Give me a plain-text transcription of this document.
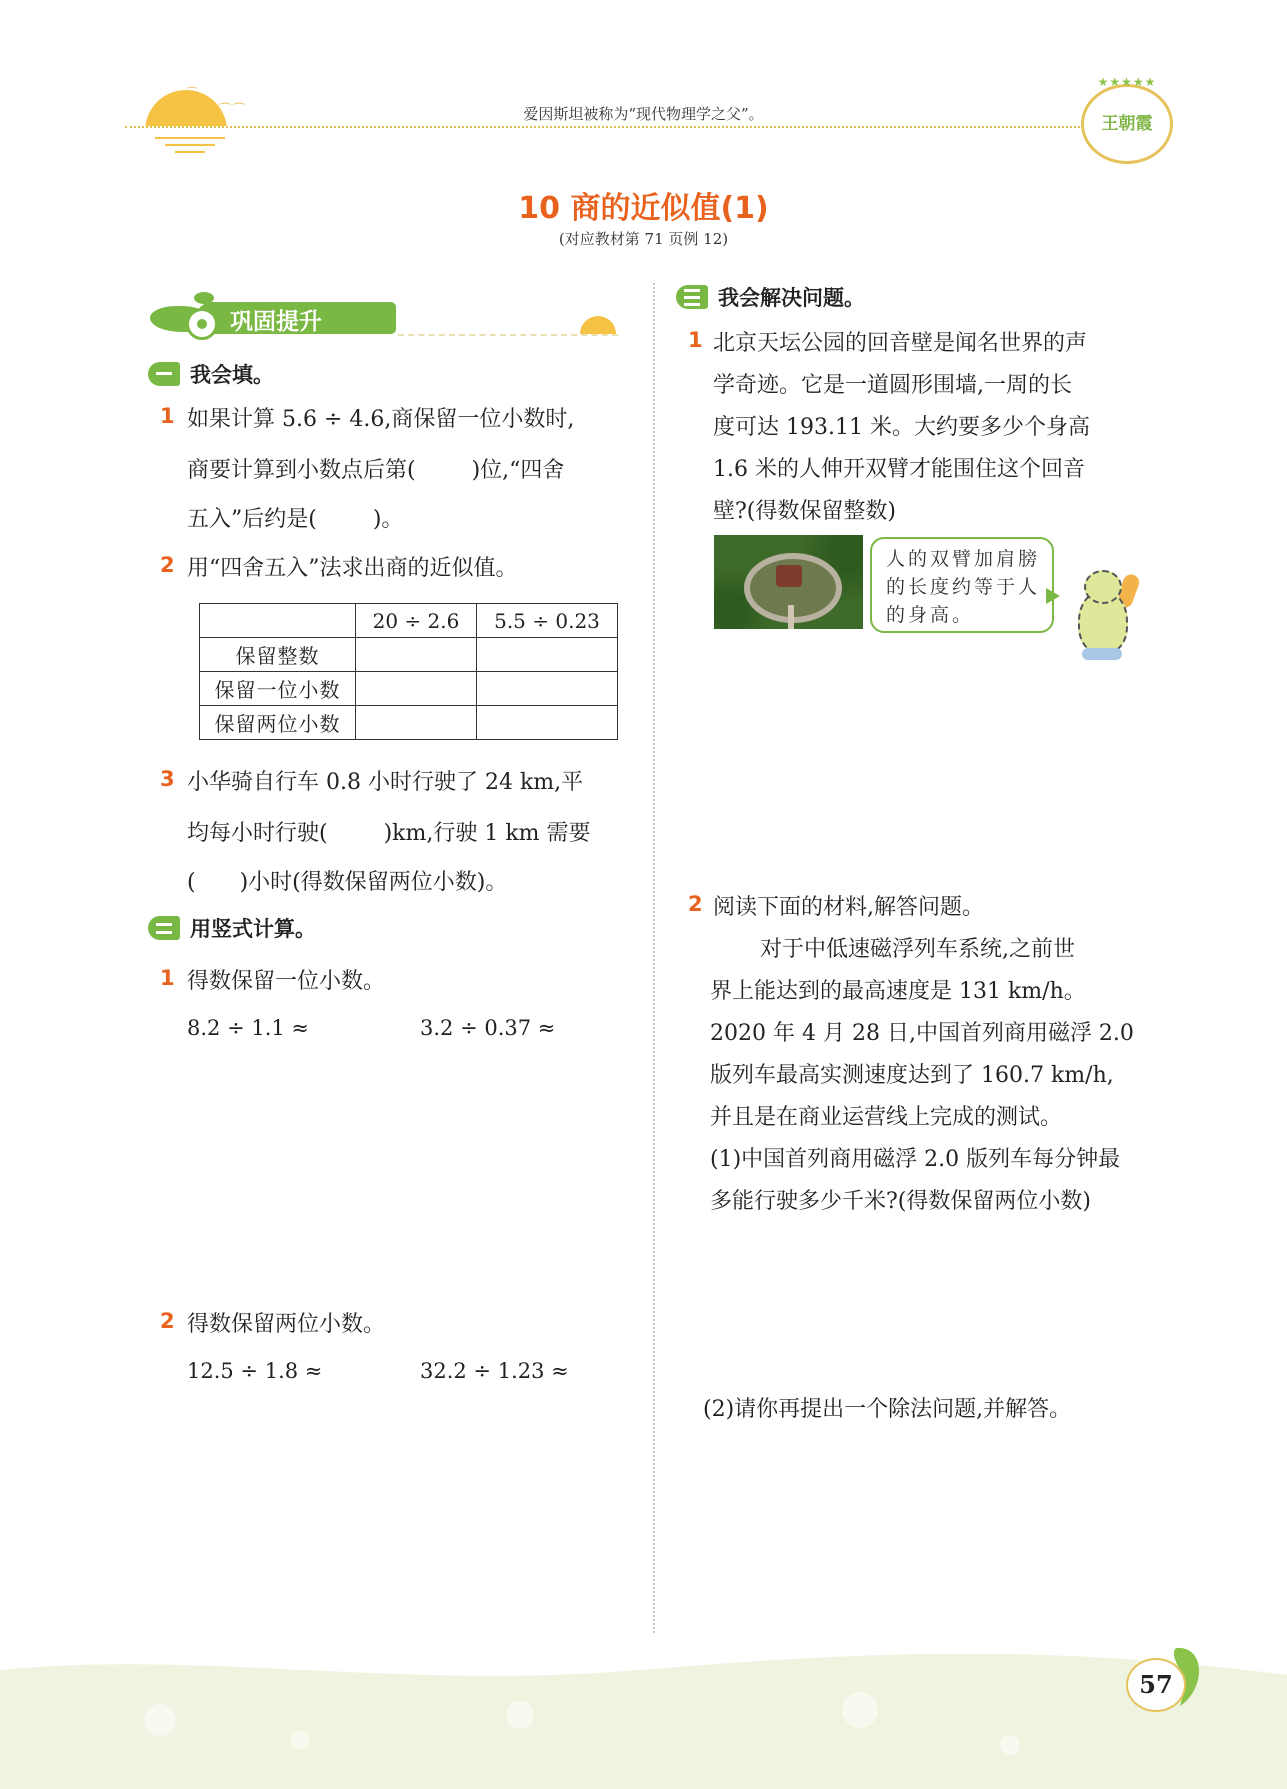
⌒⌒
⌒
爱因斯坦被称为“现代物理学之父”。
★★★★★
王朝霞
10 商的近似值(1)
(对应教材第 71 页例 12)
巩固提升
我会填。
1 如果计算 5.6 ÷ 4.6,商保留一位小数时,
商要计算到小数点后第(	)位,“四舍
五入”后约是(	)。
2 用“四舍五入”法求出商的近似值。
	20 ÷ 2.6	5.5 ÷ 0.23
保留整数		
保留一位小数		
保留两位小数		
3 小华骑自行车 0.8 小时行驶了 24 km,平
均每小时行驶(	)km,行驶 1 km 需要
( )小时(得数保留两位小数)。
用竖式计算。
1 得数保留一位小数。
8.2 ÷ 1.1 ≈	3.2 ÷ 0.37 ≈
2 得数保留两位小数。
12.5 ÷ 1.8 ≈	32.2 ÷ 1.23 ≈
我会解决问题。
1 北京天坛公园的回音壁是闻名世界的声
学奇迹。它是一道圆形围墙,一周的长
度可达 193.11 米。大约要多少个身高
1.6 米的人伸开双臂才能围住这个回音
壁?(得数保留整数)
人的双臂加肩膀的长度约等于人的身高。
2 阅读下面的材料,解答问题。
对于中低速磁浮列车系统,之前世
界上能达到的最高速度是 131 km/h。
2020 年 4 月 28 日,中国首列商用磁浮 2.0
版列车最高实测速度达到了 160.7 km/h,
并且是在商业运营线上完成的测试。
(1)中国首列商用磁浮 2.0 版列车每分钟最
多能行驶多少千米?(得数保留两位小数)
(2)请你再提出一个除法问题,并解答。
57
